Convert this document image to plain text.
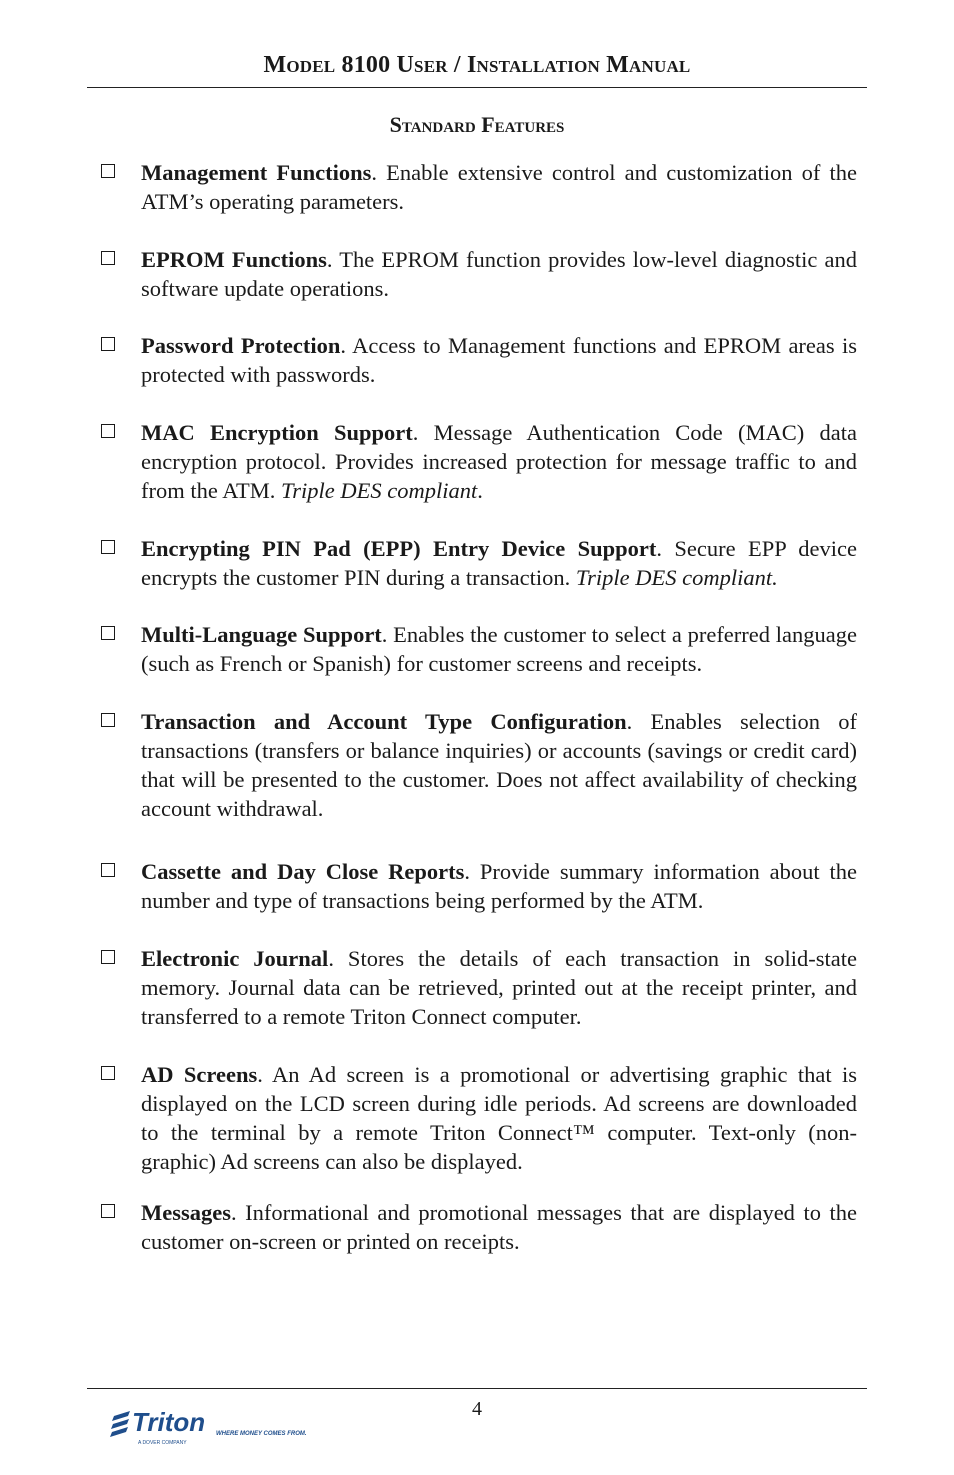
Model 8100 User / Installation Manual
Standard Features
Management Functions. Enable extensive control and customization of the ATM’s operating parameters.
EPROM Functions. The EPROM function provides low-level diagnostic and software update operations.
Password Protection. Access to Management functions and EPROM areas is protected with passwords.
MAC Encryption Support. Message Authentication Code (MAC) data encryption protocol. Provides increased protection for message traffic to and from the ATM. Triple DES compliant.
Encrypting PIN Pad (EPP) Entry Device Support. Secure EPP device encrypts the customer PIN during a transaction. Triple DES compliant.
Multi-Language Support. Enables the customer to select a preferred language (such as French or Spanish) for customer screens and receipts.
Transaction and Account Type Configuration. Enables selection of transactions (transfers or balance inquiries) or accounts (savings or credit card) that will be presented to the customer. Does not affect availability of checking account withdrawal.
Cassette and Day Close Reports. Provide summary information about the number and type of transactions being performed by the ATM.
Electronic Journal. Stores the details of each transaction in solid-state memory. Journal data can be retrieved, printed out at the receipt printer, and transferred to a remote Triton Connect computer.
AD Screens. An Ad screen is a promotional or advertising graphic that is displayed on the LCD screen during idle periods. Ad screens are downloaded to the terminal by a remote Triton Connect™ computer. Text-only (non-graphic) Ad screens can also be displayed.
Messages. Informational and promotional messages that are displayed to the customer on-screen or printed on receipts.
4
Triton WHERE MONEY COMES FROM.
A DOVER COMPANY
